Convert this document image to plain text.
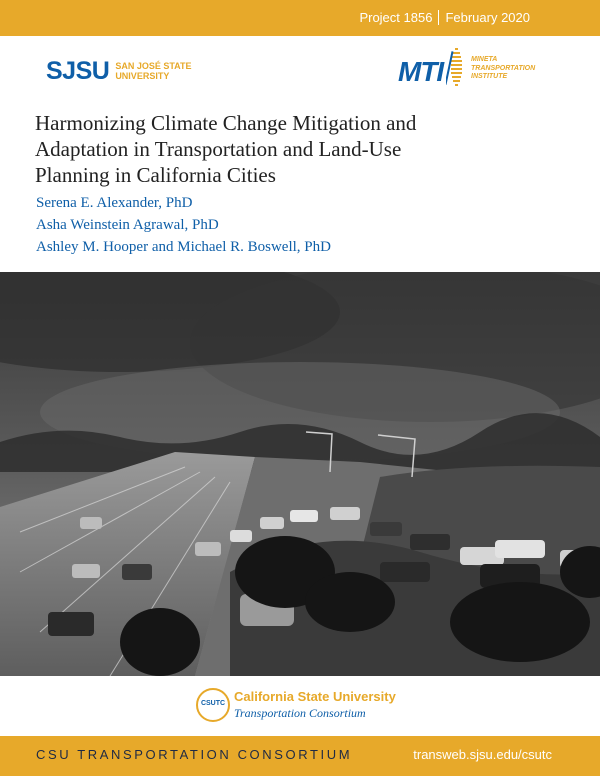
Project 1856 February 2020
SJSU SAN JOSÉ STATE
UNIVERSITY	MTI	MINETA
TRANSPORTATION
INSTITUTE
Harmonizing Climate Change Mitigation and Adaptation in Transportation and Land-Use Planning in California Cities
Serena E. Alexander, PhD
Asha Weinstein Agrawal, PhD
Ashley M. Hooper and Michael R. Boswell, PhD
CSUTC California State University
Transportation Consortium
CSU TRANSPORTATION CONSORTIUM	transweb.sjsu.edu/csutc
